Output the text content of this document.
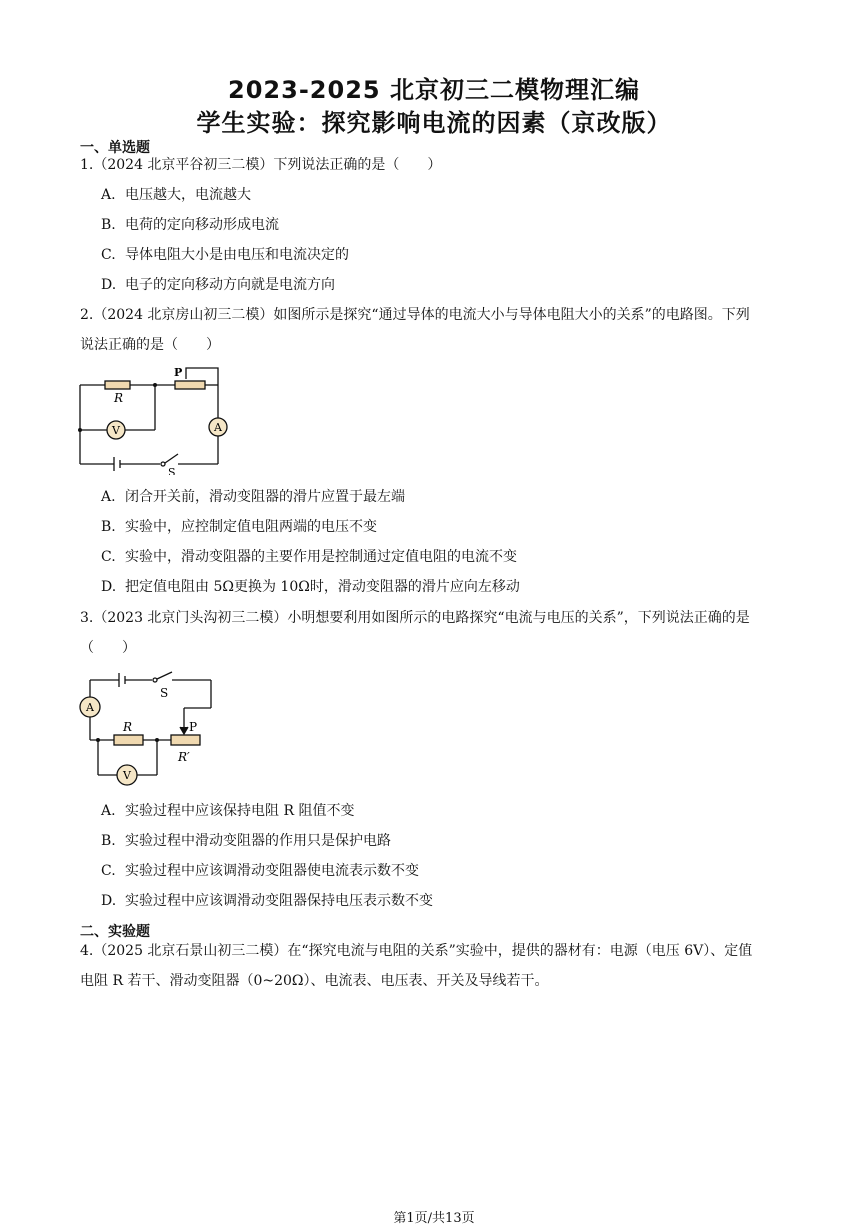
2023-2025 北京初三二模物理汇编
学生实验：探究影响电流的因素（京改版）
一、单选题
1.（2024 北京平谷初三二模）下列说法正确的是（　　）
A. 电压越大，电流越大
B. 电荷的定向移动形成电流
C. 导体电阻大小是由电压和电流决定的
D. 电子的定向移动方向就是电流方向
2.（2024 北京房山初三二模）如图所示是探究“通过导体的电流大小与导体电阻大小的关系”的电路图。下列
说法正确的是（　　）
R
P
V	A
S
A. 闭合开关前，滑动变阻器的滑片应置于最左端
B. 实验中，应控制定值电阻两端的电压不变
C. 实验中，滑动变阻器的主要作用是控制通过定值电阻的电流不变
D. 把定值电阻由 5Ω更换为 10Ω时，滑动变阻器的滑片应向左移动
3.（2023 北京门头沟初三二模）小明想要利用如图所示的电路探究“电流与电压的关系”，下列说法正确的是
（　　）
A
S
P
R
R′
V
A. 实验过程中应该保持电阻 R 阻值不变
B. 实验过程中滑动变阻器的作用只是保护电路
C. 实验过程中应该调滑动变阻器使电流表示数不变
D. 实验过程中应该调滑动变阻器保持电压表示数不变
二、实验题
4.（2025 北京石景山初三二模）在“探究电流与电阻的关系”实验中，提供的器材有：电源（电压 6V）、定值
电阻 R 若干、滑动变阻器（0~20Ω）、电流表、电压表、开关及导线若干。
第1页/共13页
